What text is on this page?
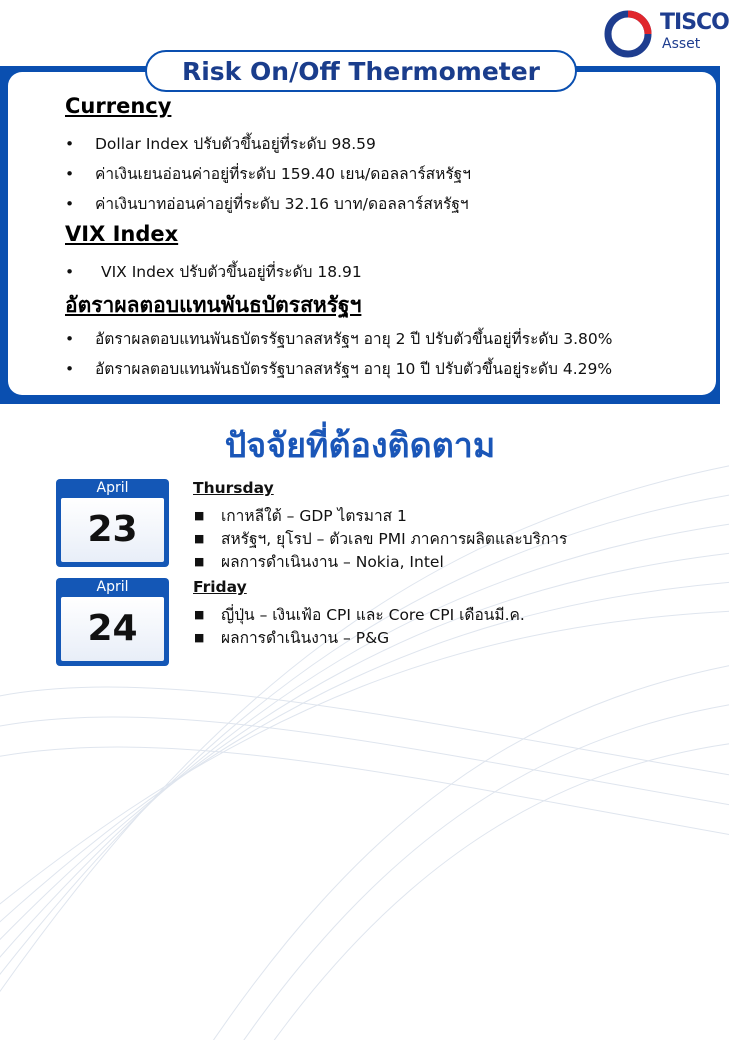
TISCO
Asset
Risk On/Off Thermometer
Currency
• Dollar Index ปรับตัวขึ้นอยู่ที่ระดับ 98.59
• ค่าเงินเยนอ่อนค่าอยู่ที่ระดับ 159.40 เยน/ดอลลาร์สหรัฐฯ
• ค่าเงินบาทอ่อนค่าอยู่ที่ระดับ 32.16 บาท/ดอลลาร์สหรัฐฯ
VIX Index
• VIX Index ปรับตัวขึ้นอยู่ที่ระดับ 18.91
อัตราผลตอบแทนพันธบัตรสหรัฐฯ
• อัตราผลตอบแทนพันธบัตรรัฐบาลสหรัฐฯ อายุ 2 ปี ปรับตัวขึ้นอยู่ที่ระดับ 3.80%
• อัตราผลตอบแทนพันธบัตรรัฐบาลสหรัฐฯ อายุ 10 ปี ปรับตัวขึ้นอยู่ระดับ 4.29%
ปัจจัยที่ต้องติดตาม
April
23
Thursday
■ เกาหลีใต้ – GDP ไตรมาส 1
■ สหรัฐฯ, ยุโรป – ตัวเลข PMI ภาคการผลิตและบริการ
■ ผลการดำเนินงาน – Nokia, Intel
April
24
Friday
■ ญี่ปุ่น – เงินเฟ้อ CPI และ Core CPI เดือนมี.ค.
■ ผลการดำเนินงาน – P&G
